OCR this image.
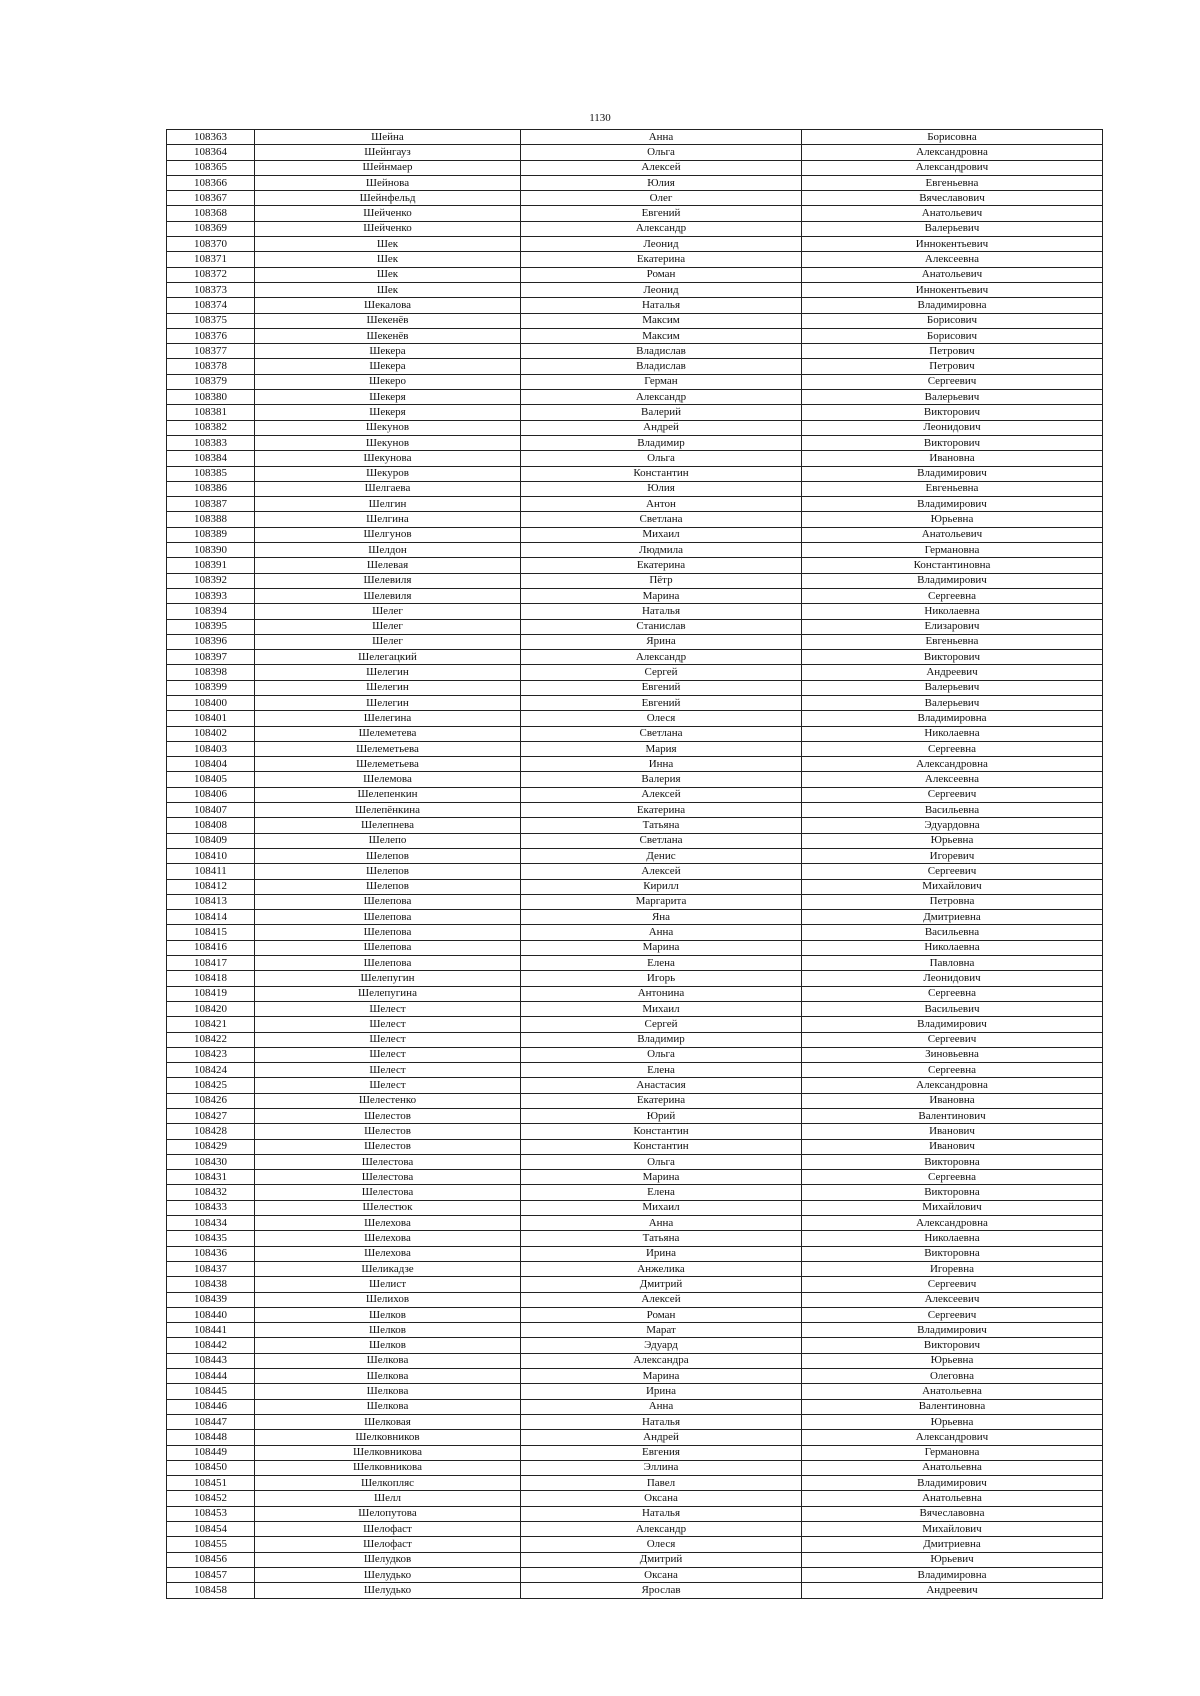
1130
108363	Шейна	Анна	Борисовна
108364	Шейнгауз	Ольга	Александровна
108365	Шейнмаер	Алексей	Александрович
108366	Шейнова	Юлия	Евгеньевна
108367	Шейнфельд	Олег	Вячеславович
108368	Шейченко	Евгений	Анатольевич
108369	Шейченко	Александр	Валерьевич
108370	Шек	Леонид	Иннокентьевич
108371	Шек	Екатерина	Алексеевна
108372	Шек	Роман	Анатольевич
108373	Шек	Леонид	Иннокентьевич
108374	Шекалова	Наталья	Владимировна
108375	Шекенёв	Максим	Борисович
108376	Шекенёв	Максим	Борисович
108377	Шекера	Владислав	Петрович
108378	Шекера	Владислав	Петрович
108379	Шекеро	Герман	Сергеевич
108380	Шекеря	Александр	Валерьевич
108381	Шекеря	Валерий	Викторович
108382	Шекунов	Андрей	Леонидович
108383	Шекунов	Владимир	Викторович
108384	Шекунова	Ольга	Ивановна
108385	Шекуров	Константин	Владимирович
108386	Шелгаева	Юлия	Евгеньевна
108387	Шелгин	Антон	Владимирович
108388	Шелгина	Светлана	Юрьевна
108389	Шелгунов	Михаил	Анатольевич
108390	Шелдон	Людмила	Германовна
108391	Шелевая	Екатерина	Константиновна
108392	Шелевиля	Пётр	Владимирович
108393	Шелевиля	Марина	Сергеевна
108394	Шелег	Наталья	Николаевна
108395	Шелег	Станислав	Елизарович
108396	Шелег	Ярина	Евгеньевна
108397	Шелегацкий	Александр	Викторович
108398	Шелегин	Сергей	Андреевич
108399	Шелегин	Евгений	Валерьевич
108400	Шелегин	Евгений	Валерьевич
108401	Шелегина	Олеся	Владимировна
108402	Шелеметева	Светлана	Николаевна
108403	Шелеметьева	Мария	Сергеевна
108404	Шелеметьева	Инна	Александровна
108405	Шелемова	Валерия	Алексеевна
108406	Шелепенкин	Алексей	Сергеевич
108407	Шелепёнкина	Екатерина	Васильевна
108408	Шелепнева	Татьяна	Эдуардовна
108409	Шелепо	Светлана	Юрьевна
108410	Шелепов	Денис	Игоревич
108411	Шелепов	Алексей	Сергеевич
108412	Шелепов	Кирилл	Михайлович
108413	Шелепова	Маргарита	Петровна
108414	Шелепова	Яна	Дмитриевна
108415	Шелепова	Анна	Васильевна
108416	Шелепова	Марина	Николаевна
108417	Шелепова	Елена	Павловна
108418	Шелепугин	Игорь	Леонидович
108419	Шелепугина	Антонина	Сергеевна
108420	Шелест	Михаил	Васильевич
108421	Шелест	Сергей	Владимирович
108422	Шелест	Владимир	Сергеевич
108423	Шелест	Ольга	Зиновьевна
108424	Шелест	Елена	Сергеевна
108425	Шелест	Анастасия	Александровна
108426	Шелестенко	Екатерина	Ивановна
108427	Шелестов	Юрий	Валентинович
108428	Шелестов	Константин	Иванович
108429	Шелестов	Константин	Иванович
108430	Шелестова	Ольга	Викторовна
108431	Шелестова	Марина	Сергеевна
108432	Шелестова	Елена	Викторовна
108433	Шелестюк	Михаил	Михайлович
108434	Шелехова	Анна	Александровна
108435	Шелехова	Татьяна	Николаевна
108436	Шелехова	Ирина	Викторовна
108437	Шеликадзе	Анжелика	Игоревна
108438	Шелист	Дмитрий	Сергеевич
108439	Шелихов	Алексей	Алексеевич
108440	Шелков	Роман	Сергеевич
108441	Шелков	Марат	Владимирович
108442	Шелков	Эдуард	Викторович
108443	Шелкова	Александра	Юрьевна
108444	Шелкова	Марина	Олеговна
108445	Шелкова	Ирина	Анатольевна
108446	Шелкова	Анна	Валентиновна
108447	Шелковая	Наталья	Юрьевна
108448	Шелковников	Андрей	Александрович
108449	Шелковникова	Евгения	Германовна
108450	Шелковникова	Эллина	Анатольевна
108451	Шелкопляс	Павел	Владимирович
108452	Шелл	Оксана	Анатольевна
108453	Шелопутова	Наталья	Вячеславовна
108454	Шелофаст	Александр	Михайлович
108455	Шелофаст	Олеся	Дмитриевна
108456	Шелудков	Дмитрий	Юрьевич
108457	Шелудько	Оксана	Владимировна
108458	Шелудько	Ярослав	Андреевич
